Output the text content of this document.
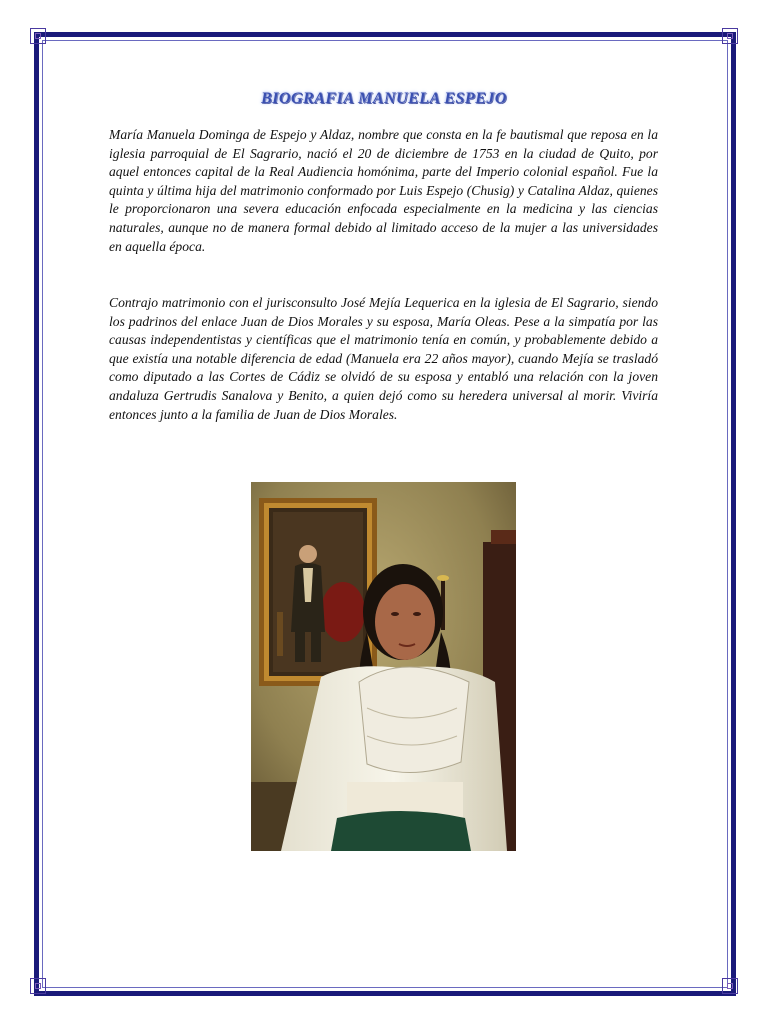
BIOGRAFIA MANUELA ESPEJO

María Manuela Dominga de Espejo y Aldaz, nombre que consta en la fe bautismal que reposa en la iglesia parroquial de El Sagrario, nació el 20 de diciembre de 1753 en la ciudad de Quito, por aquel entonces capital de la Real Audiencia homónima, parte del Imperio colonial español. Fue la quinta y última hija del matrimonio conformado por Luis Espejo (Chusig) y Catalina Aldaz, quienes le proporcionaron una severa educación enfocada especialmente en la medicina y las ciencias naturales, aunque no de manera formal debido al limitado acceso de la mujer a las universidades en aquella época.

Contrajo matrimonio con el jurisconsulto José Mejía Lequerica en la iglesia de El Sagrario, siendo los padrinos del enlace Juan de Dios Morales y su esposa, María Oleas. Pese a la simpatía por las causas independentistas y científicas que el matrimonio tenía en común, y probablemente debido a que existía una notable diferencia de edad (Manuela era 22 años mayor), cuando Mejía se trasladó como diputado a las Cortes de Cádiz se olvidó de su esposa y entabló una relación con la joven andaluza Gertrudis Sanalova y Benito, a quien dejó como su heredera universal al morir. Viviría entonces junto a la familia de Juan de Dios Morales.
